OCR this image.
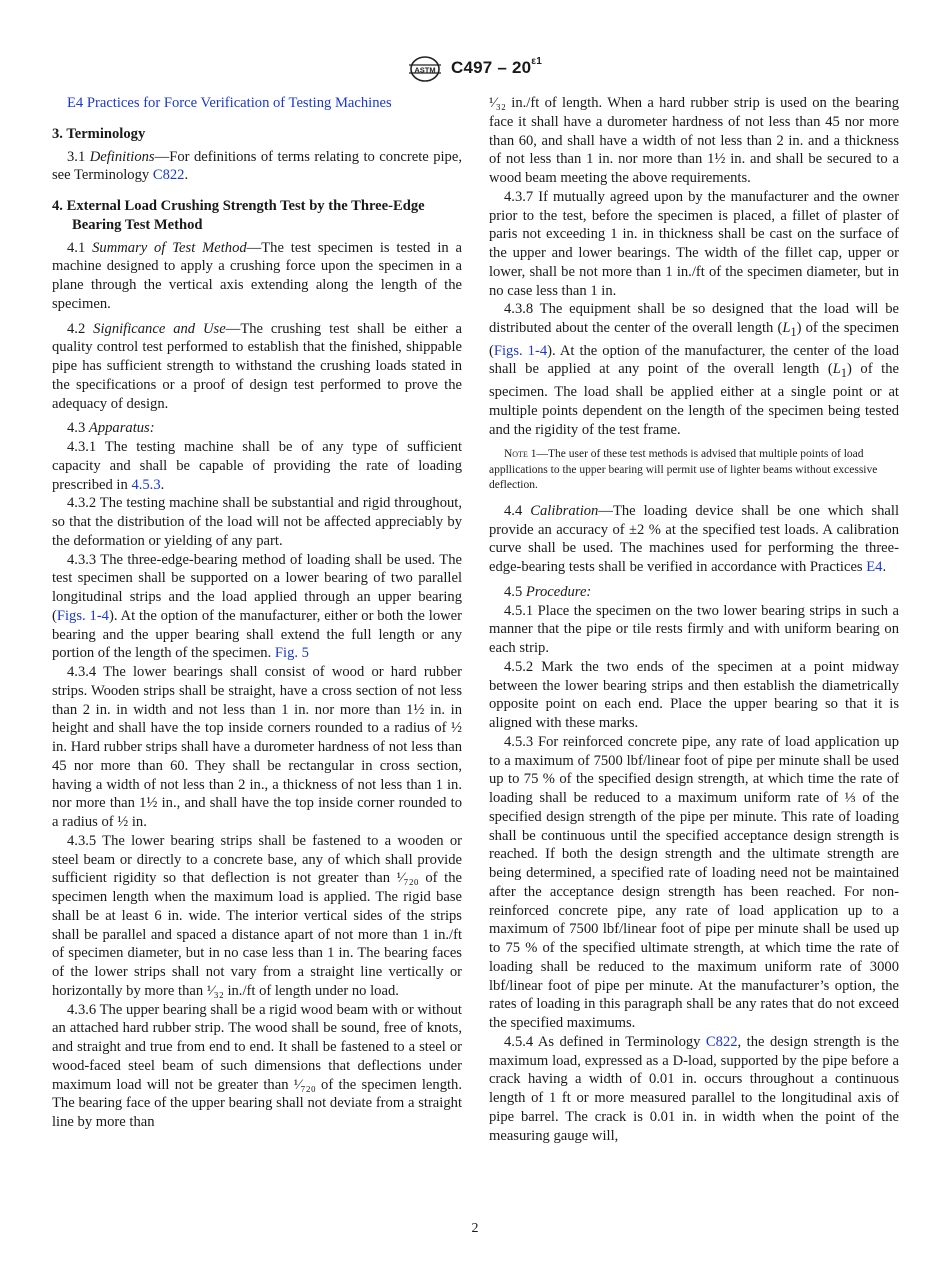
ASTM $C497 - 20^{\varepsilon 1}$

E4 Practices for Force Verification of Testing Machines

3. Terminology

3.1 Definitions—For definitions of terms relating to concrete pipe, see Terminology C822.

4. External Load Crushing Strength Test by the Three-Edge Bearing Test Method

4.1 Summary of Test Method—The test specimen is tested in a machine designed to apply a crushing force upon the specimen in a plane through the vertical axis extending along the length of the specimen.

4.2 Significance and Use—The crushing test shall be either a quality control test performed to establish that the finished, shippable pipe has sufficient strength to withstand the crushing loads stated in the specifications or a proof of design test performed to prove the adequacy of design.

4.3 Apparatus:

4.3.1 The testing machine shall be of any type of sufficient capacity and shall be capable of providing the rate of loading prescribed in 4.5.3.

4.3.2 The testing machine shall be substantial and rigid throughout, so that the distribution of the load will not be affected appreciably by the deformation or yielding of any part.

4.3.3 The three-edge-bearing method of loading shall be used. The test specimen shall be supported on a lower bearing of two parallel longitudinal strips and the load applied through an upper bearing (Figs. 1-4). At the option of the manufacturer, either or both the lower bearing and the upper bearing shall extend the full length or any portion of the length of the specimen. Fig. 5

4.3.4 The lower bearings shall consist of wood or hard rubber strips. Wooden strips shall be straight, have a cross section of not less than 2 in. in width and not less than 1 in. nor more than 1½ in. in height and shall have the top inside corners rounded to a radius of ½ in. Hard rubber strips shall have a durometer hardness of not less than 45 nor more than 60. They shall be rectangular in cross section, having a width of not less than 2 in., a thickness of not less than 1 in. nor more than 1½ in., and shall have the top inside corner rounded to a radius of ½ in.

4.3.5 The lower bearing strips shall be fastened to a wooden or steel beam or directly to a concrete base, any of which shall provide sufficient rigidity so that deflection is not greater than ¹⁄₇₂₀ of the specimen length when the maximum load is applied. The rigid base shall be at least 6 in. wide. The interior vertical sides of the strips shall be parallel and spaced a distance apart of not more than 1 in./ft of specimen diameter, but in no case less than 1 in. The bearing faces of the lower strips shall not vary from a straight line vertically or horizontally by more than ¹⁄₃₂ in./ft of length under no load.

4.3.6 The upper bearing shall be a rigid wood beam with or without an attached hard rubber strip. The wood shall be sound, free of knots, and straight and true from end to end. It shall be fastened to a steel or wood-faced steel beam of such dimensions that deflections under maximum load will not be greater than ¹⁄₇₂₀ of the specimen length. The bearing face of the upper bearing shall not deviate from a straight line by more than

¹⁄₃₂ in./ft of length. When a hard rubber strip is used on the bearing face it shall have a durometer hardness of not less than 45 nor more than 60, and shall have a width of not less than 2 in. and a thickness of not less than 1 in. nor more than 1½ in. and shall be secured to a wood beam meeting the above requirements.

4.3.7 If mutually agreed upon by the manufacturer and the owner prior to the test, before the specimen is placed, a fillet of plaster of paris not exceeding 1 in. in thickness shall be cast on the surface of the upper and lower bearings. The width of the fillet cap, upper or lower, shall be not more than 1 in./ft of the specimen diameter, but in no case less than 1 in.

4.3.8 The equipment shall be so designed that the load will be distributed about the center of the overall length $(L_1)$ of the specimen (Figs. 1-4). At the option of the manufacturer, the center of the load shall be applied at any point of the overall length $(L_1)$ of the specimen. The load shall be applied either at a single point or at multiple points dependent on the length of the specimen being tested and the rigidity of the test frame.

Note 1—The user of these test methods is advised that multiple points of load appllications to the upper bearing will permit use of lighter beams without excessive deflection.

4.4 Calibration—The loading device shall be one which shall provide an accuracy of ±2 % at the specified test loads. A calibration curve shall be used. The machines used for performing the three-edge-bearing tests shall be verified in accordance with Practices E4.

4.5 Procedure:

4.5.1 Place the specimen on the two lower bearing strips in such a manner that the pipe or tile rests firmly and with uniform bearing on each strip.

4.5.2 Mark the two ends of the specimen at a point midway between the lower bearing strips and then establish the diametrically opposite point on each end. Place the upper bearing so that it is aligned with these marks.

4.5.3 For reinforced concrete pipe, any rate of load application up to a maximum of 7500 lbf/linear foot of pipe per minute shall be used up to 75 % of the specified design strength, at which time the rate of loading shall be reduced to a maximum uniform rate of ⅓ of the specified design strength of the pipe per minute. This rate of loading shall be continuous until the specified acceptance design strength is reached. If both the design strength and the ultimate strength are being determined, a specified rate of loading need not be maintained after the acceptance design strength has been reached. For non-reinforced concrete pipe, any rate of load application up to a maximum of 7500 lbf/linear foot of pipe per minute shall be used up to 75 % of the specified ultimate strength, at which time the rate of loading shall be reduced to the maximum uniform rate of 3000 lbf/linear foot of pipe per minute. At the manufacturer’s option, the rates of loading in this paragraph shall be any rates that do not exceed the specified maximums.

4.5.4 As defined in Terminology C822, the design strength is the maximum load, expressed as a D-load, supported by the pipe before a crack having a width of 0.01 in. occurs throughout a continuous length of 1 ft or more measured parallel to the longitudinal axis of pipe barrel. The crack is 0.01 in. in width when the point of the measuring gauge will,

2
